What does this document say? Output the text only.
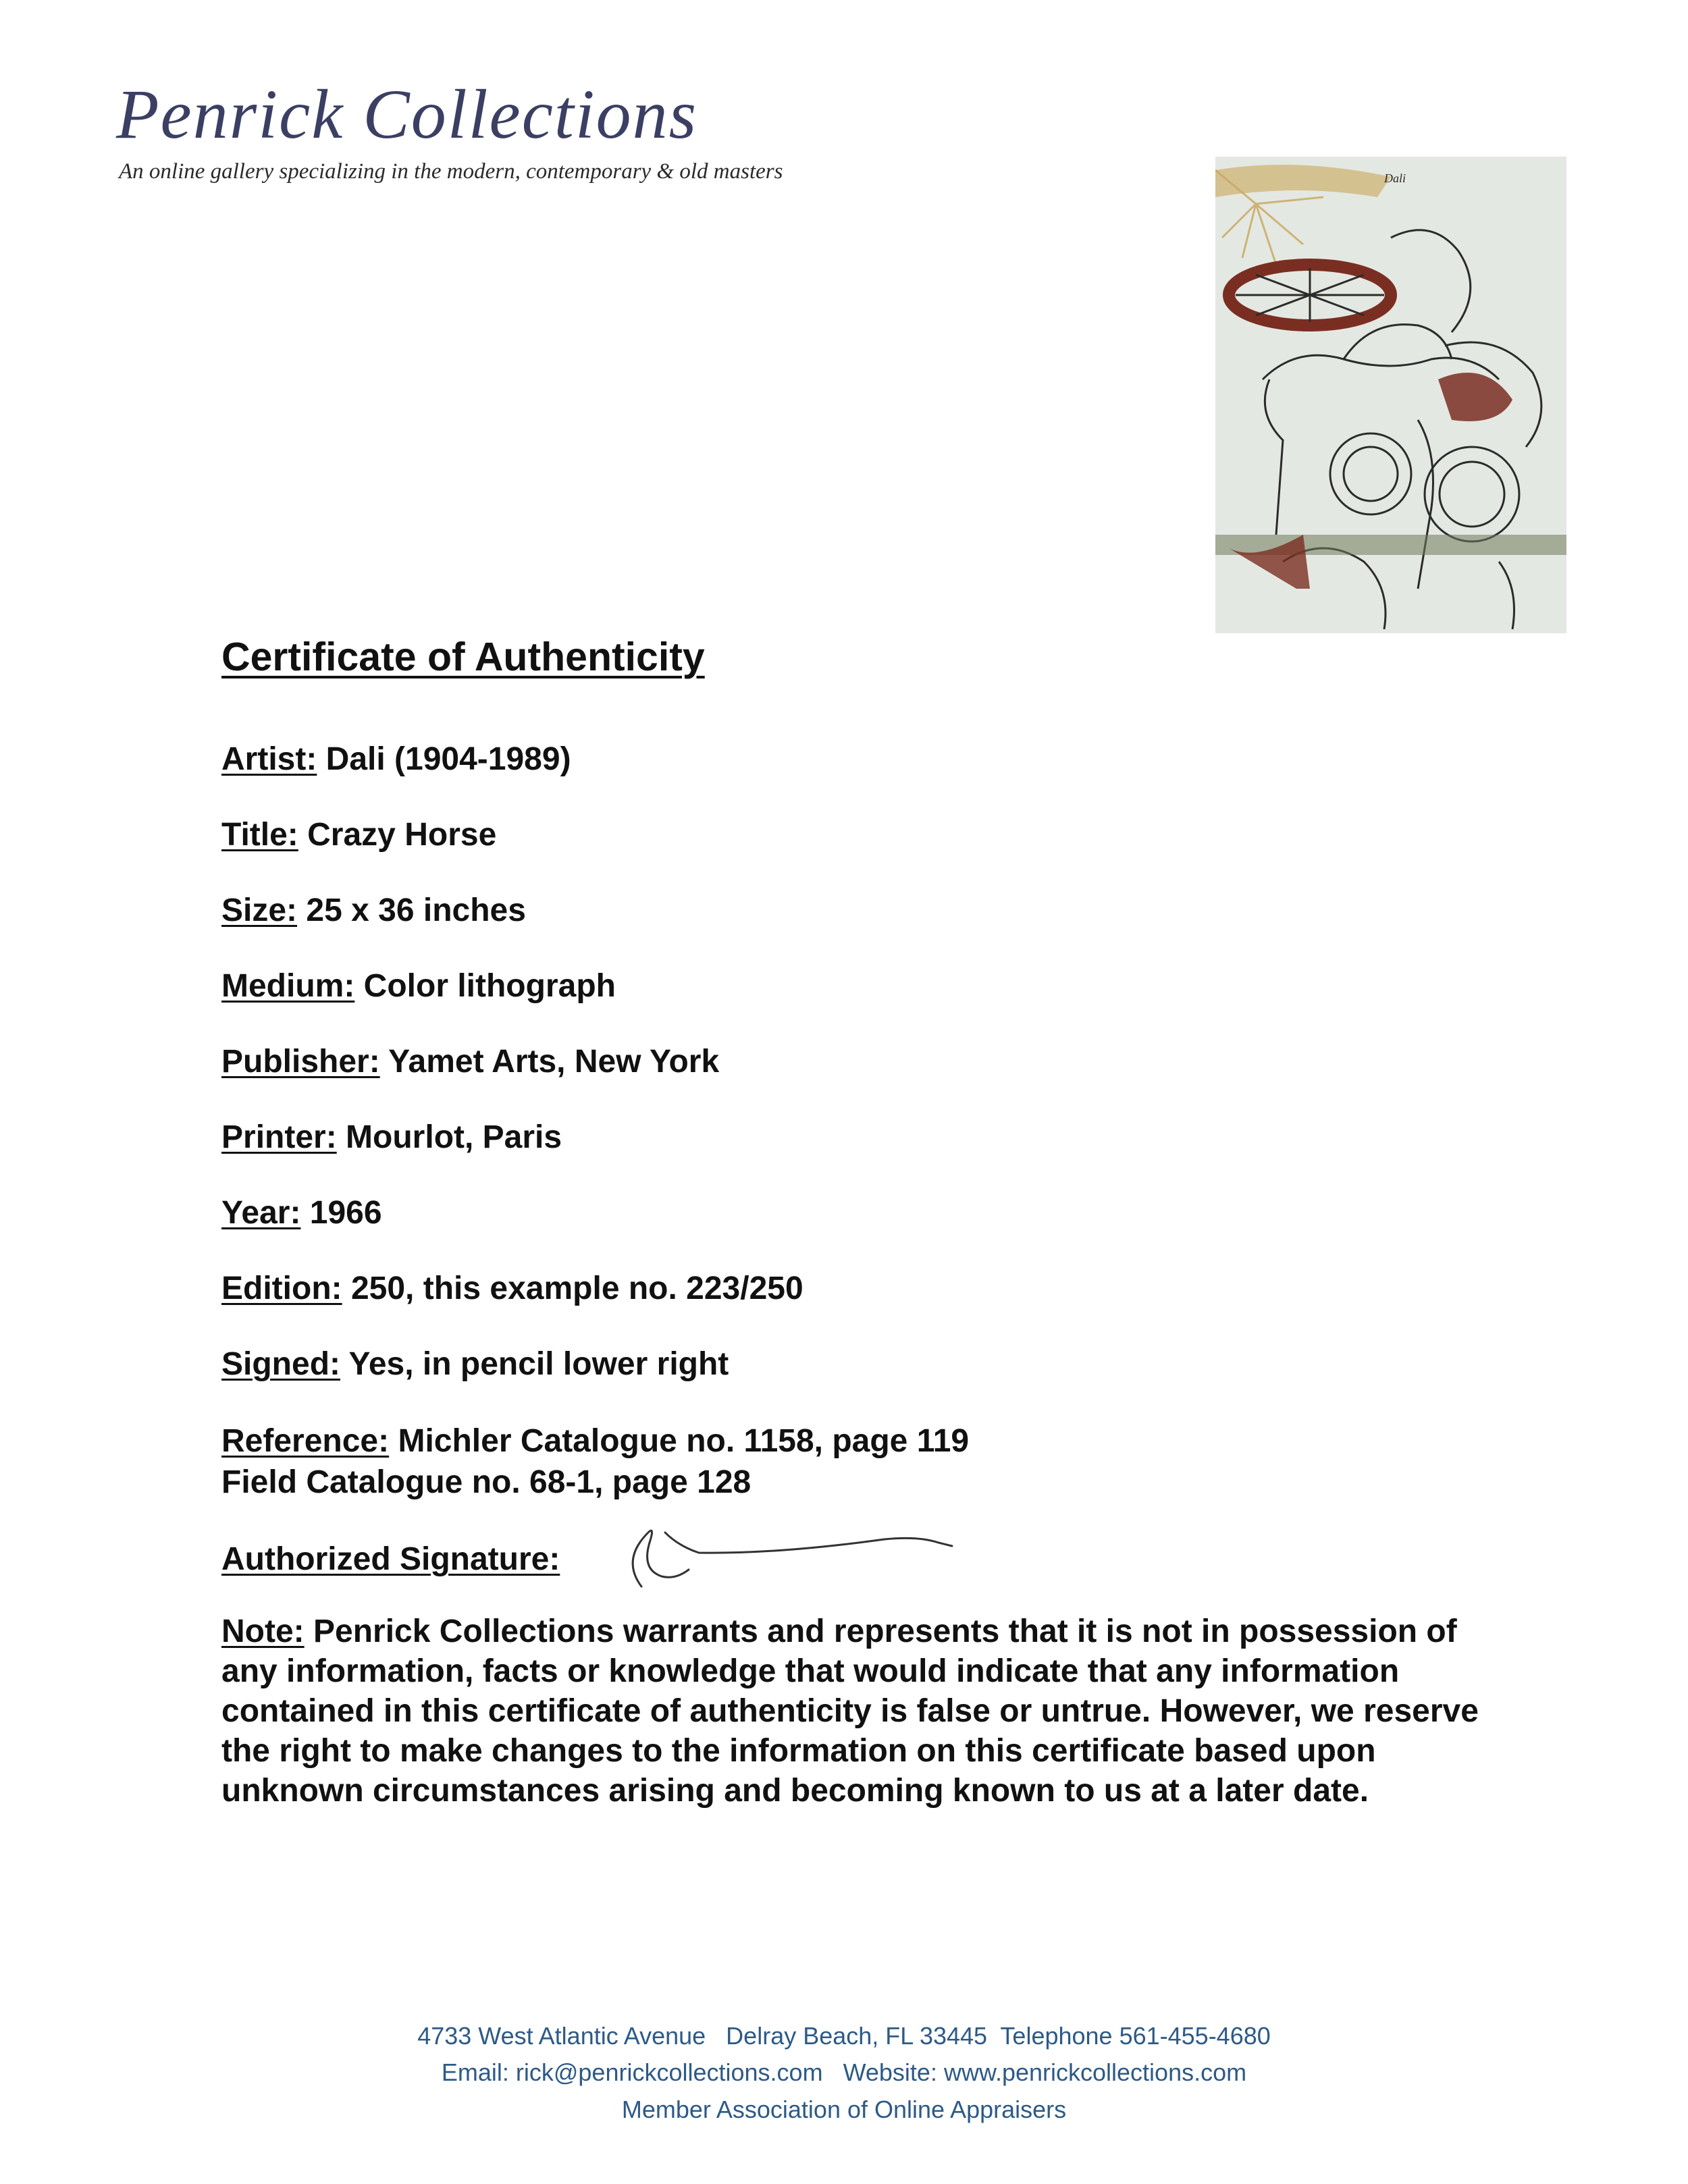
Penrick Collections
An online gallery specializing in the modern, contemporary & old masters	Dali
Certificate of Authenticity
Artist: Dali (1904-1989)
Title: Crazy Horse
Size: 25 x 36 inches
Medium: Color lithograph
Publisher: Yamet Arts, New York
Printer: Mourlot, Paris
Year: 1966
Edition: 250, this example no. 223/250
Signed: Yes, in pencil lower right
Reference: Michler Catalogue no. 1158, page 119
Field Catalogue no. 68-1, page 128
Authorized Signature:
Note: Penrick Collections warrants and represents that it is not in possession of any information, facts or knowledge that would indicate that any information contained in this certificate of authenticity is false or untrue. However, we reserve the right to make changes to the information on this certificate based upon unknown circumstances arising and becoming known to us at a later date.
4733 West Atlantic Avenue   Delray Beach, FL 33445  Telephone 561-455-4680
Email: rick@penrickcollections.com   Website: www.penrickcollections.com
Member Association of Online Appraisers
